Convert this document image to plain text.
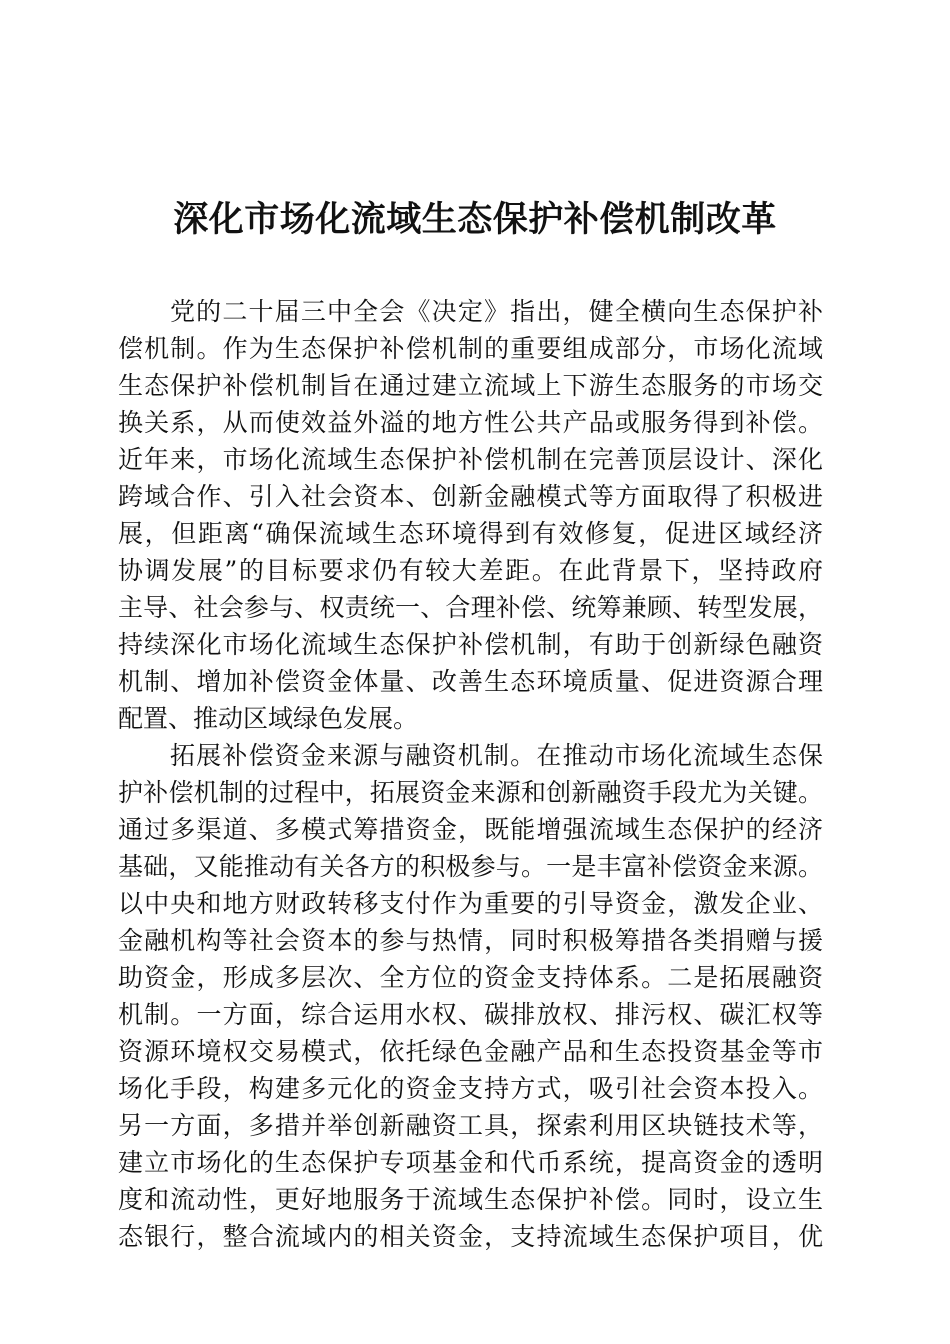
深化市场化流域生态保护补偿机制改革

党的二十届三中全会《决定》指出，健全横向生态保护补

偿机制。作为生态保护补偿机制的重要组成部分，市场化流域

生态保护补偿机制旨在通过建立流域上下游生态服务的市场交

换关系，从而使效益外溢的地方性公共产品或服务得到补偿。

近年来，市场化流域生态保护补偿机制在完善顶层设计、深化

跨域合作、引入社会资本、创新金融模式等方面取得了积极进

展，但距离“确保流域生态环境得到有效修复，促进区域经济

协调发展”的目标要求仍有较大差距。在此背景下，坚持政府

主导、社会参与、权责统一、合理补偿、统筹兼顾、转型发展，

持续深化市场化流域生态保护补偿机制，有助于创新绿色融资

机制、增加补偿资金体量、改善生态环境质量、促进资源合理

配置、推动区域绿色发展。

拓展补偿资金来源与融资机制。在推动市场化流域生态保

护补偿机制的过程中，拓展资金来源和创新融资手段尤为关键。

通过多渠道、多模式筹措资金，既能增强流域生态保护的经济

基础，又能推动有关各方的积极参与。一是丰富补偿资金来源。

以中央和地方财政转移支付作为重要的引导资金，激发企业、

金融机构等社会资本的参与热情，同时积极筹措各类捐赠与援

助资金，形成多层次、全方位的资金支持体系。二是拓展融资

机制。一方面，综合运用水权、碳排放权、排污权、碳汇权等

资源环境权交易模式，依托绿色金融产品和生态投资基金等市

场化手段，构建多元化的资金支持方式，吸引社会资本投入。

另一方面，多措并举创新融资工具，探索利用区块链技术等，

建立市场化的生态保护专项基金和代币系统，提高资金的透明

度和流动性，更好地服务于流域生态保护补偿。同时，设立生

态银行，整合流域内的相关资金，支持流域生态保护项目，优
